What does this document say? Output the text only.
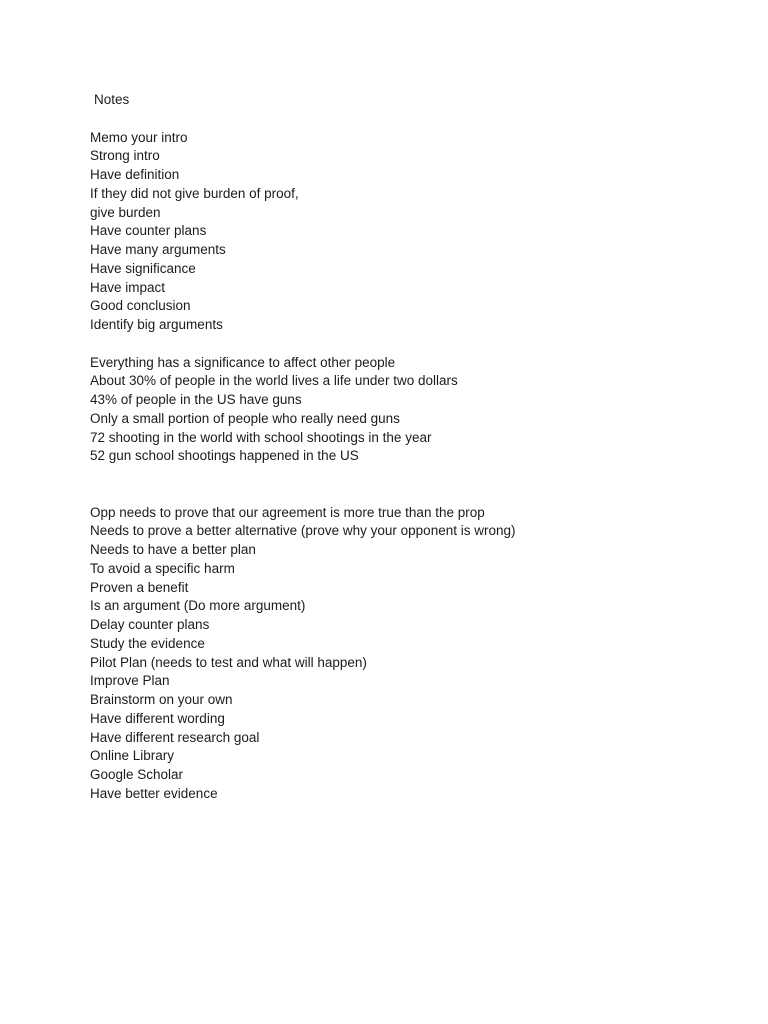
Notes
Memo your intro
Strong intro
Have definition
If they did not give burden of proof,
give burden
Have counter plans
Have many arguments
Have significance
Have impact
Good conclusion
Identify big arguments
Everything has a significance to affect other people
About 30% of people in the world lives a life under two dollars
43% of people in the US have guns
Only a small portion of people who really need guns
72 shooting in the world with school shootings in the year
52 gun school shootings happened in the US
Opp needs to prove that our agreement is more true than the prop
Needs to prove a better alternative (prove why your opponent is wrong)
Needs to have a better plan
To avoid a specific harm
Proven a benefit
Is an argument (Do more argument)
Delay counter plans
Study the evidence
Pilot Plan (needs to test and what will happen)
Improve Plan
Brainstorm on your own
Have different wording
Have different research goal
Online Library
Google Scholar
Have better evidence
